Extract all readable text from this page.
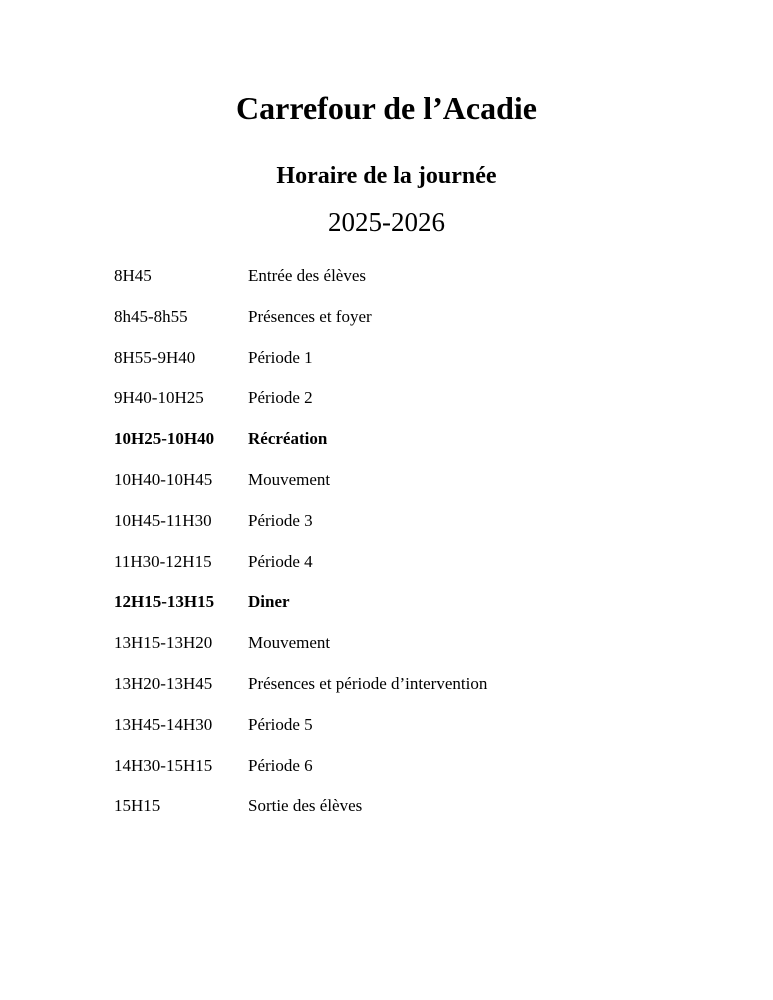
Carrefour de l’Acadie
Horaire de la journée
2025-2026
8H45	Entrée des élèves
8h45-8h55	Présences et foyer
8H55-9H40	Période 1
9H40-10H25	Période 2
10H25-10H40 Récréation
10H40-10H45 Mouvement
10H45-11H30 Période 3
11H30-12H15 Période 4
12H15-13H15 Diner
13H15-13H20 Mouvement
13H20-13H45 Présences et période d’intervention
13H45-14H30 Période 5
14H30-15H15 Période 6
15H15	Sortie des élèves
